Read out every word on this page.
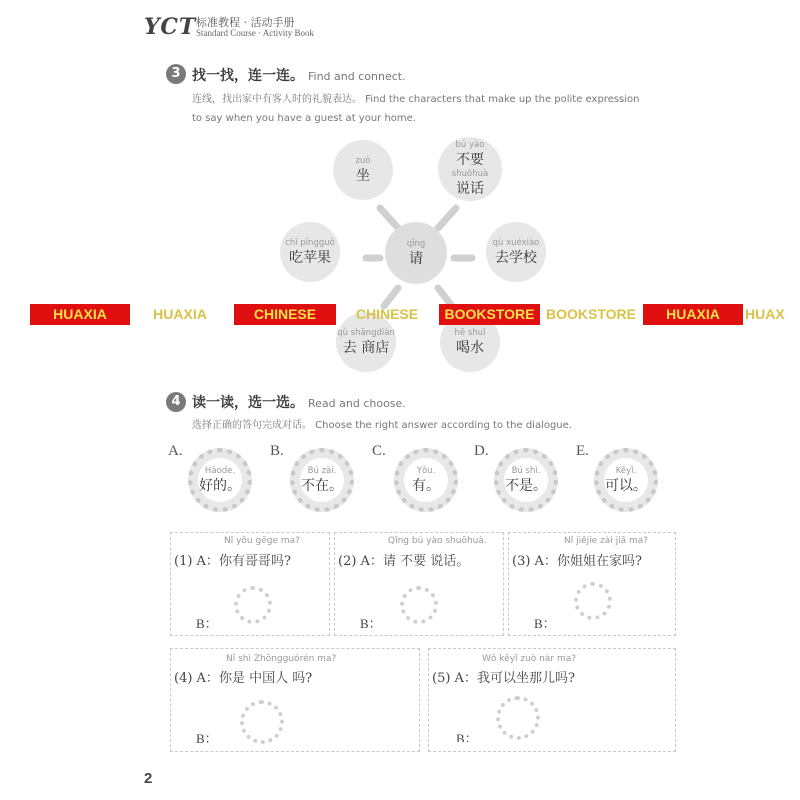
YCT 标准教程 · 活动手册
Standard Course · Activity Book
3 找一找，连一连。 Find and connect.
连线，找出家中有客人时的礼貌表达。 Find the characters that make up the polite expression
to say when you have a guest at your home.
zuò
坐
bú yào
不要
shuōhuà
说话
chī píngguǒ
吃苹果
qǐng
请
qù xuéxiào
去学校
qù shāngdiàn
去 商店
hē shuǐ
喝水
HUAXIA	HUAXIA	CHINESE	CHINESE	BOOKSTORE BOOKSTORE	HUAXIA	HUAX
4 读一读，选一选。 Read and choose.
选择正确的答句完成对话。 Choose the right answer according to the dialogue.
A.
Hǎode.
好的。
B.
Bú zài.
不在。
C.
Yǒu.
有。
D.
Bú shì.
不是。
E.
Kěyǐ.
可以。
Nǐ yǒu gēge ma?
(1) A：你有哥哥吗?
B：
Qǐng bú yào shuōhuà.
(2) A：请 不要 说话。
B：
Nǐ jiějie zài jiā ma?
(3) A：你姐姐在家吗?
B：
Nǐ shì Zhōngguórén ma?
(4) A：你是 中国人 吗?
B：
Wǒ kěyǐ zuò nàr ma?
(5) A：我可以坐那儿吗?
B：
2
